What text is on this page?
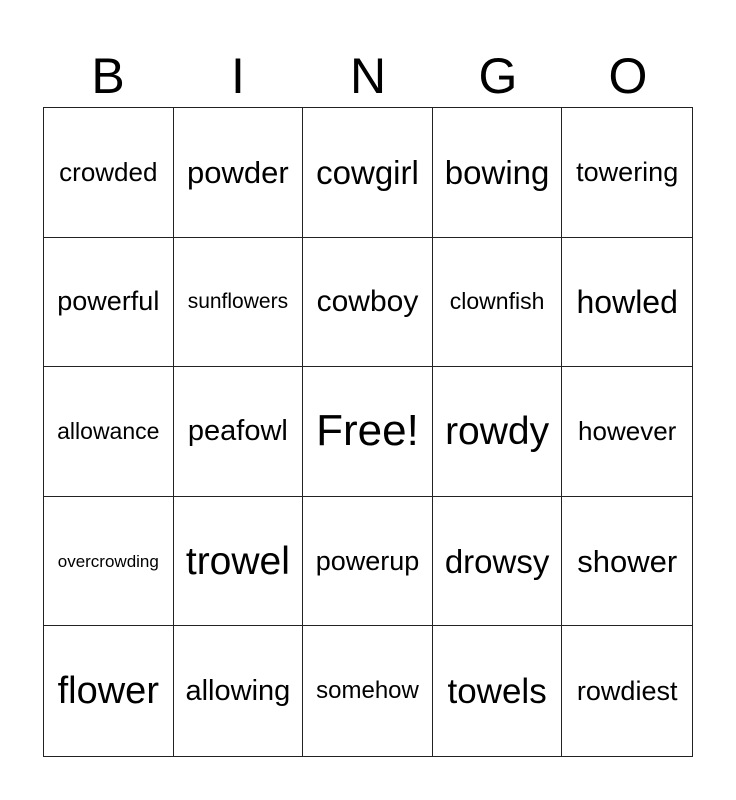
B	I	N	G	O
crowded powder cowgirl bowing towering
powerful	sunflowers cowboy	clownfish	howled
allowance peafowl Free! rowdy	however
overcrowding trowel powerup drowsy shower
flower allowing	somehow towels	rowdiest
